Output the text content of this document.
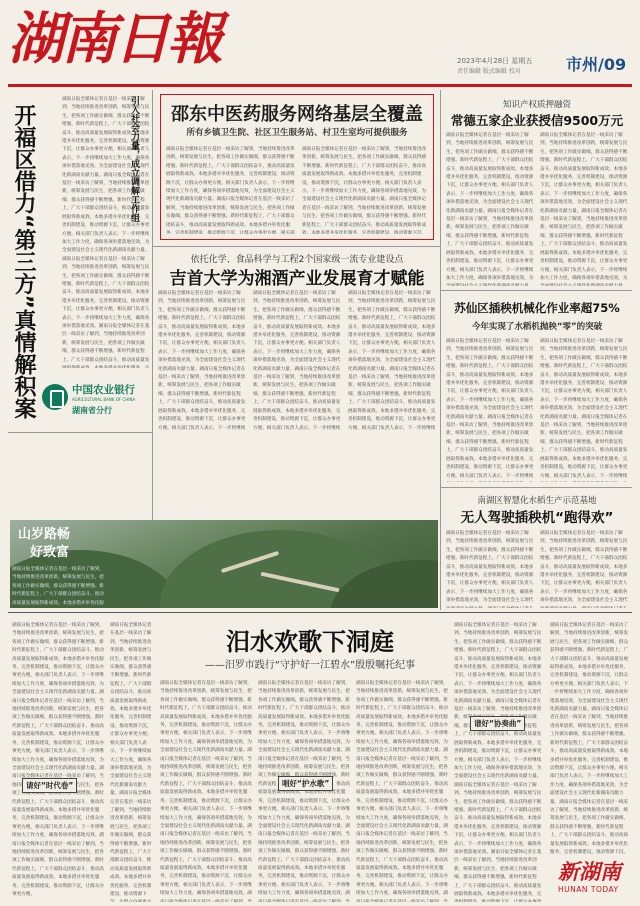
湖南日報	2023年4月28日 星期五
责任编辑 版式编辑 校对	市州/09
引入社会力量，成立调解工作组
开福区借力“第三方”真情解积案
湖南日报全媒体记者在基层一线采访了解到，当地持续推进改革创新，统筹发展与民生，把各项工作做实做细，群众获得感不断增强。新时代新征程上，广大干部群众团结奋斗，推动高质量发展取得新成效。本地多措并举优化服务，完善机制建设，推动资源下沉，让群众办事更方便。相关部门负责人表示，下一步将继续加大工作力度，确保各项举措落地见效，为全面建设社会主义现代化新湖南贡献力量。湖南日报全媒体记者在基层一线采访了解到，当地持续推进改革创新，统筹发展与民生，把各项工作做实做细，群众获得感不断增强。新时代新征程上，广大干部群众团结奋斗，推动高质量发展取得新成效。本地多措并举优化服务，完善机制建设，推动资源下沉，让群众办事更方便。相关部门负责人表示，下一步将继续加大工作力度，确保各项举措落地见效，为全面建设社会主义现代化新湖南贡献力量。湖南日报全媒体记者在基层一线采访了解到，当地持续推进改革创新，统筹发展与民生，把各项工作做实做细，群众获得感不断增强。新时代新征程上，广大干部群众团结奋斗，推动高质量发展取得新成效。本地多措并举优化服务，完善机制建设，推动资源下沉，让群众办事更方便。相关部门负责人表示，下一步将继续加大工作力度，确保各项举措落地见效。湖南日报全媒体记者在基层一线采访了解到，当地持续推进改革创新，统筹发展与民生，把各项工作做实做细，群众获得感不断增强。新时代新征程上，广大干部群众团结奋斗，推动高质量发展取得新成效。本地多措并举优化服务，完善机制建设，推动资源下沉，让群众办事更方便。	中国农业银行
AGRICULTURAL BANK OF CHINA
湖南省分行
邵东中医药服务网络基层全覆盖
所有乡镇卫生院、社区卫生服务站、村卫生室均可提供服务
湖南日报全媒体记者在基层一线采访了解到，当地持续推进改革创新，统筹发展与民生，把各项工作做实做细，群众获得感不断增强。新时代新征程上，广大干部群众团结奋斗，推动高质量发展取得新成效。本地多措并举优化服务，完善机制建设，推动资源下沉，让群众办事更方便。相关部门负责人表示，下一步将继续加大工作力度，确保各项举措落地见效，为全面建设社会主义现代化新湖南贡献力量。湖南日报全媒体记者在基层一线采访了解到，当地持续推进改革创新，统筹发展与民生，把各项工作做实做细，群众获得感不断增强。新时代新征程上，广大干部群众团结奋斗，推动高质量发展取得新成效。本地多措并举优化服务，完善机制建设，推动资源下沉，让群众办事更方便。相关部门负责人表示，下一步将继续加大工作力度，确保各项举措落地见效，为全面建设社会主义现代化新湖南贡献力量。湖南日报全媒体记者在基层一线采访了解到，当地持续推进改革创新，统筹发展与民生，把各项工作做实做细，群众获得感不断增强。新时代新征程上，广大干部群众团结奋斗，推动高质量发展取得新成效。本地多措并举优化服务，完善机制建设，推动资源下沉，让群众办事更方便。相关部门负责人表示，下一步将继续加大工作力度，确保各项举措落地见效。湖南日报全媒体记者在基层一线采访了解到，当地持续推进改革创新，统筹发展与民生，把各项工作做实做细，群众获得感不断增强。新时代新征程上，广大干部群众团结奋斗，推动高质量发展取得新成效。本地多措并举优化服务，完善机制建设，推动资源下沉，让群众办事更方便。
湖南日报全媒体记者在基层一线采访了解到，当地持续推进改革创新，统筹发展与民生，把各项工作做实做细，群众获得感不断增强。新时代新征程上，广大干部群众团结奋斗，推动高质量发展取得新成效。本地多措并举优化服务，完善机制建设，推动资源下沉，让群众办事更方便。相关部门负责人表示，下一步将继续加大工作力度，确保各项举措落地见效，为全面建设社会主义现代化新湖南贡献力量。湖南日报全媒体记者在基层一线采访了解到，当地持续推进改革创新，统筹发展与民生，把各项工作做实做细，群众获得感不断增强。新时代新征程上，广大干部群众团结奋斗，推动高质量发展取得新成效。本地多措并举优化服务，完善机制建设，推动资源下沉，让群众办事更方便。相关部门负责人表示，下一步将继续加大工作力度，确保各项举措落地见效，为全面建设社会主义现代化新湖南贡献力量。湖南日报全媒体记者在基层一线采访了解到，当地持续推进改革创新，统筹发展与民生，把各项工作做实做细，群众获得感不断增强。新时代新征程上，广大干部群众团结奋斗，推动高质量发展取得新成效。本地多措并举优化服务，完善机制建设，推动资源下沉，让群众办事更方便。相关部门负责人表示，下一步将继续加大工作力度，确保各项举措落地见效。湖南日报全媒体记者在基层一线采访了解到，当地持续推进改革创新，统筹发展与民生，把各项工作做实做细，群众获得感不断增强。新时代新征程上，广大干部群众团结奋斗，推动高质量发展取得新成效。本地多措并举优化服务，完善机制建设，推动资源下沉，让群众办事更方便。
依托化学、食品科学与工程2个国家级一流专业建设点
吉首大学为湘酒产业发展育才赋能
湖南日报全媒体记者在基层一线采访了解到，当地持续推进改革创新，统筹发展与民生，把各项工作做实做细，群众获得感不断增强。新时代新征程上，广大干部群众团结奋斗，推动高质量发展取得新成效。本地多措并举优化服务，完善机制建设，推动资源下沉，让群众办事更方便。相关部门负责人表示，下一步将继续加大工作力度，确保各项举措落地见效，为全面建设社会主义现代化新湖南贡献力量。湖南日报全媒体记者在基层一线采访了解到，当地持续推进改革创新，统筹发展与民生，把各项工作做实做细，群众获得感不断增强。新时代新征程上，广大干部群众团结奋斗，推动高质量发展取得新成效。本地多措并举优化服务，完善机制建设，推动资源下沉，让群众办事更方便。相关部门负责人表示，下一步将继续加大工作力度，确保各项举措落地见效，为全面建设社会主义现代化新湖南贡献力量。湖南日报全媒体记者在基层一线采访了解到，当地持续推进改革创新，统筹发展与民生，把各项工作做实做细，群众获得感不断增强。新时代新征程上，广大干部群众团结奋斗，推动高质量发展取得新成效。本地多措并举优化服务，完善机制建设，推动资源下沉，让群众办事更方便。相关部门负责人表示，下一步将继续加大工作力度，确保各项举措落地见效。湖南日报全媒体记者在基层一线采访了解到，当地持续推进改革创新，统筹发展与民生，把各项工作做实做细，群众获得感不断增强。新时代新征程上，广大干部群众团结奋斗，推动高质量发展取得新成效。本地多措并举优化服务，完善机制建设，推动资源下沉，让群众办事更方便。
湖南日报全媒体记者在基层一线采访了解到，当地持续推进改革创新，统筹发展与民生，把各项工作做实做细，群众获得感不断增强。新时代新征程上，广大干部群众团结奋斗，推动高质量发展取得新成效。本地多措并举优化服务，完善机制建设，推动资源下沉，让群众办事更方便。相关部门负责人表示，下一步将继续加大工作力度，确保各项举措落地见效，为全面建设社会主义现代化新湖南贡献力量。湖南日报全媒体记者在基层一线采访了解到，当地持续推进改革创新，统筹发展与民生，把各项工作做实做细，群众获得感不断增强。新时代新征程上，广大干部群众团结奋斗，推动高质量发展取得新成效。本地多措并举优化服务，完善机制建设，推动资源下沉，让群众办事更方便。相关部门负责人表示，下一步将继续加大工作力度，确保各项举措落地见效，为全面建设社会主义现代化新湖南贡献力量。湖南日报全媒体记者在基层一线采访了解到，当地持续推进改革创新，统筹发展与民生，把各项工作做实做细，群众获得感不断增强。新时代新征程上，广大干部群众团结奋斗，推动高质量发展取得新成效。本地多措并举优化服务，完善机制建设，推动资源下沉，让群众办事更方便。相关部门负责人表示，下一步将继续加大工作力度，确保各项举措落地见效。湖南日报全媒体记者在基层一线采访了解到，当地持续推进改革创新，统筹发展与民生，把各项工作做实做细，群众获得感不断增强。新时代新征程上，广大干部群众团结奋斗，推动高质量发展取得新成效。本地多措并举优化服务，完善机制建设，推动资源下沉，让群众办事更方便。
湖南日报全媒体记者在基层一线采访了解到，当地持续推进改革创新，统筹发展与民生，把各项工作做实做细，群众获得感不断增强。新时代新征程上，广大干部群众团结奋斗，推动高质量发展取得新成效。本地多措并举优化服务，完善机制建设，推动资源下沉，让群众办事更方便。相关部门负责人表示，下一步将继续加大工作力度，确保各项举措落地见效，为全面建设社会主义现代化新湖南贡献力量。湖南日报全媒体记者在基层一线采访了解到，当地持续推进改革创新，统筹发展与民生，把各项工作做实做细，群众获得感不断增强。新时代新征程上，广大干部群众团结奋斗，推动高质量发展取得新成效。本地多措并举优化服务，完善机制建设，推动资源下沉，让群众办事更方便。相关部门负责人表示，下一步将继续加大工作力度，确保各项举措落地见效，为全面建设社会主义现代化新湖南贡献力量。湖南日报全媒体记者在基层一线采访了解到，当地持续推进改革创新，统筹发展与民生，把各项工作做实做细，群众获得感不断增强。新时代新征程上，广大干部群众团结奋斗，推动高质量发展取得新成效。本地多措并举优化服务，完善机制建设，推动资源下沉，让群众办事更方便。相关部门负责人表示，下一步将继续加大工作力度，确保各项举措落地见效。湖南日报全媒体记者在基层一线采访了解到，当地持续推进改革创新，统筹发展与民生，把各项工作做实做细，群众获得感不断增强。新时代新征程上，广大干部群众团结奋斗，推动高质量发展取得新成效。本地多措并举优化服务，完善机制建设，推动资源下沉，让群众办事更方便。
知识产权质押融资
常德五家企业获授信9500万元
湖南日报全媒体记者在基层一线采访了解到，当地持续推进改革创新，统筹发展与民生，把各项工作做实做细，群众获得感不断增强。新时代新征程上，广大干部群众团结奋斗，推动高质量发展取得新成效。本地多措并举优化服务，完善机制建设，推动资源下沉，让群众办事更方便。相关部门负责人表示，下一步将继续加大工作力度，确保各项举措落地见效，为全面建设社会主义现代化新湖南贡献力量。湖南日报全媒体记者在基层一线采访了解到，当地持续推进改革创新，统筹发展与民生，把各项工作做实做细，群众获得感不断增强。新时代新征程上，广大干部群众团结奋斗，推动高质量发展取得新成效。本地多措并举优化服务，完善机制建设，推动资源下沉，让群众办事更方便。相关部门负责人表示，下一步将继续加大工作力度，确保各项举措落地见效，为全面建设社会主义现代化新湖南贡献力量。湖南日报全媒体记者在基层一线采访了解到，当地持续推进改革创新，统筹发展与民生，把各项工作做实做细，群众获得感不断增强。新时代新征程上，广大干部群众团结奋斗，推动高质量发展取得新成效。本地多措并举优化服务，完善机制建设，推动资源下沉，让群众办事更方便。相关部门负责人表示，下一步将继续加大工作力度，确保各项举措落地见效。湖南日报全媒体记者在基层一线采访了解到，当地持续推进改革创新，统筹发展与民生，把各项工作做实做细，群众获得感不断增强。新时代新征程上，广大干部群众团结奋斗，推动高质量发展取得新成效。本地多措并举优化服务，完善机制建设，推动资源下沉，让群众办事更方便。
湖南日报全媒体记者在基层一线采访了解到，当地持续推进改革创新，统筹发展与民生，把各项工作做实做细，群众获得感不断增强。新时代新征程上，广大干部群众团结奋斗，推动高质量发展取得新成效。本地多措并举优化服务，完善机制建设，推动资源下沉，让群众办事更方便。相关部门负责人表示，下一步将继续加大工作力度，确保各项举措落地见效，为全面建设社会主义现代化新湖南贡献力量。湖南日报全媒体记者在基层一线采访了解到，当地持续推进改革创新，统筹发展与民生，把各项工作做实做细，群众获得感不断增强。新时代新征程上，广大干部群众团结奋斗，推动高质量发展取得新成效。本地多措并举优化服务，完善机制建设，推动资源下沉，让群众办事更方便。相关部门负责人表示，下一步将继续加大工作力度，确保各项举措落地见效，为全面建设社会主义现代化新湖南贡献力量。湖南日报全媒体记者在基层一线采访了解到，当地持续推进改革创新，统筹发展与民生，把各项工作做实做细，群众获得感不断增强。新时代新征程上，广大干部群众团结奋斗，推动高质量发展取得新成效。本地多措并举优化服务，完善机制建设，推动资源下沉，让群众办事更方便。相关部门负责人表示，下一步将继续加大工作力度，确保各项举措落地见效。湖南日报全媒体记者在基层一线采访了解到，当地持续推进改革创新，统筹发展与民生，把各项工作做实做细，群众获得感不断增强。新时代新征程上，广大干部群众团结奋斗，推动高质量发展取得新成效。本地多措并举优化服务，完善机制建设，推动资源下沉，让群众办事更方便。
苏仙区插秧机械化作业率超75%
今年实现了水稻机抛秧“零”的突破
湖南日报全媒体记者在基层一线采访了解到，当地持续推进改革创新，统筹发展与民生，把各项工作做实做细，群众获得感不断增强。新时代新征程上，广大干部群众团结奋斗，推动高质量发展取得新成效。本地多措并举优化服务，完善机制建设，推动资源下沉，让群众办事更方便。相关部门负责人表示，下一步将继续加大工作力度，确保各项举措落地见效，为全面建设社会主义现代化新湖南贡献力量。湖南日报全媒体记者在基层一线采访了解到，当地持续推进改革创新，统筹发展与民生，把各项工作做实做细，群众获得感不断增强。新时代新征程上，广大干部群众团结奋斗，推动高质量发展取得新成效。本地多措并举优化服务，完善机制建设，推动资源下沉，让群众办事更方便。相关部门负责人表示，下一步将继续加大工作力度，确保各项举措落地见效，为全面建设社会主义现代化新湖南贡献力量。湖南日报全媒体记者在基层一线采访了解到，当地持续推进改革创新，统筹发展与民生，把各项工作做实做细，群众获得感不断增强。新时代新征程上，广大干部群众团结奋斗，推动高质量发展取得新成效。本地多措并举优化服务，完善机制建设，推动资源下沉，让群众办事更方便。相关部门负责人表示，下一步将继续加大工作力度，确保各项举措落地见效。湖南日报全媒体记者在基层一线采访了解到，当地持续推进改革创新，统筹发展与民生，把各项工作做实做细，群众获得感不断增强。新时代新征程上，广大干部群众团结奋斗，推动高质量发展取得新成效。本地多措并举优化服务，完善机制建设，推动资源下沉，让群众办事更方便。
湖南日报全媒体记者在基层一线采访了解到，当地持续推进改革创新，统筹发展与民生，把各项工作做实做细，群众获得感不断增强。新时代新征程上，广大干部群众团结奋斗，推动高质量发展取得新成效。本地多措并举优化服务，完善机制建设，推动资源下沉，让群众办事更方便。相关部门负责人表示，下一步将继续加大工作力度，确保各项举措落地见效，为全面建设社会主义现代化新湖南贡献力量。湖南日报全媒体记者在基层一线采访了解到，当地持续推进改革创新，统筹发展与民生，把各项工作做实做细，群众获得感不断增强。新时代新征程上，广大干部群众团结奋斗，推动高质量发展取得新成效。本地多措并举优化服务，完善机制建设，推动资源下沉，让群众办事更方便。相关部门负责人表示，下一步将继续加大工作力度，确保各项举措落地见效，为全面建设社会主义现代化新湖南贡献力量。湖南日报全媒体记者在基层一线采访了解到，当地持续推进改革创新，统筹发展与民生，把各项工作做实做细，群众获得感不断增强。新时代新征程上，广大干部群众团结奋斗，推动高质量发展取得新成效。本地多措并举优化服务，完善机制建设，推动资源下沉，让群众办事更方便。相关部门负责人表示，下一步将继续加大工作力度，确保各项举措落地见效。湖南日报全媒体记者在基层一线采访了解到，当地持续推进改革创新，统筹发展与民生，把各项工作做实做细，群众获得感不断增强。新时代新征程上，广大干部群众团结奋斗，推动高质量发展取得新成效。本地多措并举优化服务，完善机制建设，推动资源下沉，让群众办事更方便。
南湖区智慧化水稻生产示范基地
无人驾驶插秧机“跑得欢”
湖南日报全媒体记者在基层一线采访了解到，当地持续推进改革创新，统筹发展与民生，把各项工作做实做细，群众获得感不断增强。新时代新征程上，广大干部群众团结奋斗，推动高质量发展取得新成效。本地多措并举优化服务，完善机制建设，推动资源下沉，让群众办事更方便。相关部门负责人表示，下一步将继续加大工作力度，确保各项举措落地见效，为全面建设社会主义现代化新湖南贡献力量。湖南日报全媒体记者在基层一线采访了解到，当地持续推进改革创新，统筹发展与民生，把各项工作做实做细，群众获得感不断增强。新时代新征程上，广大干部群众团结奋斗，推动高质量发展取得新成效。本地多措并举优化服务，完善机制建设，推动资源下沉，让群众办事更方便。相关部门负责人表示，下一步将继续加大工作力度，确保各项举措落地见效，为全面建设社会主义现代化新湖南贡献力量。湖南日报全媒体记者在基层一线采访了解到，当地持续推进改革创新，统筹发展与民生，把各项工作做实做细，群众获得感不断增强。新时代新征程上，广大干部群众团结奋斗，推动高质量发展取得新成效。本地多措并举优化服务，完善机制建设，推动资源下沉，让群众办事更方便。相关部门负责人表示，下一步将继续加大工作力度，确保各项举措落地见效。湖南日报全媒体记者在基层一线采访了解到，当地持续推进改革创新，统筹发展与民生，把各项工作做实做细，群众获得感不断增强。新时代新征程上，广大干部群众团结奋斗，推动高质量发展取得新成效。本地多措并举优化服务，完善机制建设，推动资源下沉，让群众办事更方便。
湖南日报全媒体记者在基层一线采访了解到，当地持续推进改革创新，统筹发展与民生，把各项工作做实做细，群众获得感不断增强。新时代新征程上，广大干部群众团结奋斗，推动高质量发展取得新成效。本地多措并举优化服务，完善机制建设，推动资源下沉，让群众办事更方便。相关部门负责人表示，下一步将继续加大工作力度，确保各项举措落地见效，为全面建设社会主义现代化新湖南贡献力量。湖南日报全媒体记者在基层一线采访了解到，当地持续推进改革创新，统筹发展与民生，把各项工作做实做细，群众获得感不断增强。新时代新征程上，广大干部群众团结奋斗，推动高质量发展取得新成效。本地多措并举优化服务，完善机制建设，推动资源下沉，让群众办事更方便。相关部门负责人表示，下一步将继续加大工作力度，确保各项举措落地见效，为全面建设社会主义现代化新湖南贡献力量。湖南日报全媒体记者在基层一线采访了解到，当地持续推进改革创新，统筹发展与民生，把各项工作做实做细，群众获得感不断增强。新时代新征程上，广大干部群众团结奋斗，推动高质量发展取得新成效。本地多措并举优化服务，完善机制建设，推动资源下沉，让群众办事更方便。相关部门负责人表示，下一步将继续加大工作力度，确保各项举措落地见效。湖南日报全媒体记者在基层一线采访了解到，当地持续推进改革创新，统筹发展与民生，把各项工作做实做细，群众获得感不断增强。新时代新征程上，广大干部群众团结奋斗，推动高质量发展取得新成效。本地多措并举优化服务，完善机制建设，推动资源下沉，让群众办事更方便。
山岁路畅
好致富
湖南日报全媒体记者在基层一线采访了解到，当地持续推进改革创新，统筹发展与民生，把各项工作做实做细，群众获得感不断增强。新时代新征程上，广大干部群众团结奋斗，推动高质量发展取得新成效。本地多措并举优化服务，完善机制建设，推动资源下沉，让群众办事更方便。相关部门负责人表示，下一步将继续加大工作力度，确保各项举措落地见效，为全面建设社会主义现代化新湖南贡献力量。湖南日报全媒体记者在基层一线采访了解到，当地持续推进改革创新，统筹发展与民生，把各项工作做实做细，群众获得感不断增强。新时代新征程上，广大干部群众团结奋斗，推动高质量发展取得新成效。本地多措并举优化服务，完善机制建设，推动资源下沉，让群众办事更方便。相关部门负责人表示，下一步将继续加大工作力度，确保各项举措落地见效，为全面建设社会主义现代化新湖南贡献力量。湖南日报全媒体记者在基层一线采访了解到，当地持续推进改革创新，统筹发展与民生，把各项工作做实做细，群众获得感不断增强。新时代新征程上，广大干部群众团结奋斗，推动高质量发展取得新成效。本地多措并举优化服务，完善机制建设，推动资源下沉，让群众办事更方便。相关部门负责人表示，下一步将继续加大工作力度，确保各项举措落地见效。湖南日报全媒体记者在基层一线采访了解到，当地持续推进改革创新，统筹发展与民生，把各项工作做实做细，群众获得感不断增强。新时代新征程上，广大干部群众团结奋斗，推动高质量发展取得新成效。本地多措并举优化服务，完善机制建设，推动资源下沉，让群众办事更方便。
汨水欢歌下洞庭
——汨罗市践行“守护好一江碧水”殷殷嘱托纪事
湖南日报全媒体记者在基层一线采访了解到，当地持续推进改革创新，统筹发展与民生，把各项工作做实做细，群众获得感不断增强。新时代新征程上，广大干部群众团结奋斗，推动高质量发展取得新成效。本地多措并举优化服务，完善机制建设，推动资源下沉，让群众办事更方便。相关部门负责人表示，下一步将继续加大工作力度，确保各项举措落地见效，为全面建设社会主义现代化新湖南贡献力量。湖南日报全媒体记者在基层一线采访了解到，当地持续推进改革创新，统筹发展与民生，把各项工作做实做细，群众获得感不断增强。新时代新征程上，广大干部群众团结奋斗，推动高质量发展取得新成效。本地多措并举优化服务，完善机制建设，推动资源下沉，让群众办事更方便。相关部门负责人表示，下一步将继续加大工作力度，确保各项举措落地见效，为全面建设社会主义现代化新湖南贡献力量。湖南日报全媒体记者在基层一线采访了解到，当地持续推进改革创新，统筹发展与民生，把各项工作做实做细，群众获得感不断增强。新时代新征程上，广大干部群众团结奋斗，推动高质量发展取得新成效。本地多措并举优化服务，完善机制建设，推动资源下沉，让群众办事更方便。相关部门负责人表示，下一步将继续加大工作力度，确保各项举措落地见效。湖南日报全媒体记者在基层一线采访了解到，当地持续推进改革创新，统筹发展与民生，把各项工作做实做细，群众获得感不断增强。新时代新征程上，广大干部群众团结奋斗，推动高质量发展取得新成效。本地多措并举优化服务，完善机制建设，推动资源下沉，让群众办事更方便。
请好“时代卷” 湖南日报全媒体记者在基层一线采访了解到，当地持续推进改革创新，统筹发展与民生，把各项工作做实做细，群众获得感不断增强。新时代新征程上，广大干部群众团结奋斗，推动高质量发展取得新成效。本地多措并举优化服务，完善机制建设，推动资源下沉，让群众办事更方便。相关部门负责人表示，下一步将继续加大工作力度，确保各项举措落地见效，为全面建设社会主义现代化新湖南贡献力量。湖南日报全媒体记者在基层一线采访了解到，当地持续推进改革创新，统筹发展与民生，把各项工作做实做细，群众获得感不断增强。新时代新征程上，广大干部群众团结奋斗，推动高质量发展取得新成效。本地多措并举优化服务，完善机制建设，推动资源下沉，让群众办事更方便。相关部门负责人表示，下一步将继续加大工作力度，确保各项举措落地见效，为全面建设社会主义现代化新湖南贡献力量。湖南日报全媒体记者在基层一线采访了解到，当地持续推进改革创新，统筹发展与民生，把各项工作做实做细，群众获得感不断增强。新时代新征程上，广大干部群众团结奋斗，推动高质量发展取得新成效。本地多措并举优化服务，完善机制建设，推动资源下沉，让群众办事更方便。相关部门负责人表示，下一步将继续加大工作力度，确保各项举措落地见效。湖南日报全媒体记者在基层一线采访了解到，当地持续推进改革创新，统筹发展与民生，把各项工作做实做细，群众获得感不断增强。新时代新征程上，广大干部群众团结奋斗，推动高质量发展取得新成效。本地多措并举优化服务，完善机制建设，推动资源下沉，让群众办事更方便。 湖南日报全媒体记者在基层一线采访了解到，当地持续推进改革创新，统筹发展与民生，把各项工作做实做细，群众获得感不断增强。新时代新征程上，广大干部群众团结奋斗，推动高质量发展取得新成效。本地多措并举优化服务，完善机制建设，推动资源下沉，让群众办事更方便。相关部门负责人表示，下一步将继续加大工作力度，确保各项举措落地见效，为全面建设社会主义现代化新湖南贡献力量。湖南日报全媒体记者在基层一线采访了解到，当地持续推进改革创新，统筹发展与民生，把各项工作做实做细，群众获得感不断增强。新时代新征程上，广大干部群众团结奋斗，推动高质量发展取得新成效。本地多措并举优化服务，完善机制建设，推动资源下沉，让群众办事更方便。相关部门负责人表示，下一步将继续加大工作力度，确保各项举措落地见效，为全面建设社会主义现代化新湖南贡献力量。湖南日报全媒体记者在基层一线采访了解到，当地持续推进改革创新，统筹发展与民生，把各项工作做实做细，群众获得感不断增强。新时代新征程上，广大干部群众团结奋斗，推动高质量发展取得新成效。本地多措并举优化服务，完善机制建设，推动资源下沉，让群众办事更方便。相关部门负责人表示，下一步将继续加大工作力度，确保各项举措落地见效。湖南日报全媒体记者在基层一线采访了解到，当地持续推进改革创新，统筹发展与民生，把各项工作做实做细，群众获得感不断增强。新时代新征程上，广大干部群众团结奋斗，推动高质量发展取得新成效。本地多措并举优化服务，完善机制建设，推动资源下沉，让群众办事更方便。 湖南日报全媒体记者在基层一线采访了解到，当地持续推进改革创新，统筹发展与民生，把各项工作做实做细，群众获得感不断增强。新时代新征程上，广大干部群众团结奋斗，推动高质量发展取得新成效。本地多措并举优化服务，完善机制建设，推动资源下沉，让群众办事更方便。相关部门负责人表示，下一步将继续加大工作力度，确保各项举措落地见效，为全面建设社会主义现代化新湖南贡献力量。湖南日报全媒体记者在基层一线采访了解到，当地持续推进改革创新，统筹发展与民生，把各项工作做实做细，群众获得感不断增强。新时代新征程上，广大干部群众团结奋斗，推动高质量发展取得新成效。本地多措并举优化服务，完善机制建设，推动资源下沉，让群众办事更方便。相关部门负责人表示，下一步将继续加大工作力度，确保各项举措落地见效，为全面建设社会主义现代化新湖南贡献力量。湖南日报全媒体记者在基层一线采访了解到，当地持续推进改革创新，统筹发展与民生，把各项工作做实做细，群众获得感不断增强。新时代新征程上，广大干部群众团结奋斗，推动高质量发展取得新成效。本地多措并举优化服务，完善机制建设，推动资源下沉，让群众办事更方便。相关部门负责人表示，下一步将继续加大工作力度，确保各项举措落地见效。湖南日报全媒体记者在基层一线采访了解到，当地持续推进改革创新，统筹发展与民生，把各项工作做实做细，群众获得感不断增强。新时代新征程上，广大干部群众团结奋斗，推动高质量发展取得新成效。本地多措并举优化服务，完善机制建设，推动资源下沉，让群众办事更方便。	唱好“护水歌”
湖南日报全媒体记者在基层一线采访了解到，当地持续推进改革创新，统筹发展与民生，把各项工作做实做细，群众获得感不断增强。新时代新征程上，广大干部群众团结奋斗，推动高质量发展取得新成效。本地多措并举优化服务，完善机制建设，推动资源下沉，让群众办事更方便。相关部门负责人表示，下一步将继续加大工作力度，确保各项举措落地见效，为全面建设社会主义现代化新湖南贡献力量。湖南日报全媒体记者在基层一线采访了解到，当地持续推进改革创新，统筹发展与民生，把各项工作做实做细，群众获得感不断增强。新时代新征程上，广大干部群众团结奋斗，推动高质量发展取得新成效。本地多措并举优化服务，完善机制建设，推动资源下沉，让群众办事更方便。相关部门负责人表示，下一步将继续加大工作力度，确保各项举措落地见效，为全面建设社会主义现代化新湖南贡献力量。湖南日报全媒体记者在基层一线采访了解到，当地持续推进改革创新，统筹发展与民生，把各项工作做实做细，群众获得感不断增强。新时代新征程上，广大干部群众团结奋斗，推动高质量发展取得新成效。本地多措并举优化服务，完善机制建设，推动资源下沉，让群众办事更方便。相关部门负责人表示，下一步将继续加大工作力度，确保各项举措落地见效。湖南日报全媒体记者在基层一线采访了解到，当地持续推进改革创新，统筹发展与民生，把各项工作做实做细，群众获得感不断增强。新时代新征程上，广大干部群众团结奋斗，推动高质量发展取得新成效。本地多措并举优化服务，完善机制建设，推动资源下沉，让群众办事更方便。
湖南日报全媒体记者在基层一线采访了解到，当地持续推进改革创新，统筹发展与民生，把各项工作做实做细，群众获得感不断增强。新时代新征程上，广大干部群众团结奋斗，推动高质量发展取得新成效。本地多措并举优化服务，完善机制建设，推动资源下沉，让群众办事更方便。相关部门负责人表示，下一步将继续加大工作力度，确保各项举措落地见效，为全面建设社会主义现代化新湖南贡献力量。湖南日报全媒体记者在基层一线采访了解到，当地持续推进改革创新，统筹发展与民生，把各项工作做实做细，群众获得感不断增强。新时代新征程上，广大干部群众团结奋斗，推动高质量发展取得新成效。本地多措并举优化服务，完善机制建设，推动资源下沉，让群众办事更方便。相关部门负责人表示，下一步将继续加大工作力度，确保各项举措落地见效，为全面建设社会主义现代化新湖南贡献力量。湖南日报全媒体记者在基层一线采访了解到，当地持续推进改革创新，统筹发展与民生，把各项工作做实做细，群众获得感不断增强。新时代新征程上，广大干部群众团结奋斗，推动高质量发展取得新成效。本地多措并举优化服务，完善机制建设，推动资源下沉，让群众办事更方便。相关部门负责人表示，下一步将继续加大工作力度，确保各项举措落地见效。湖南日报全媒体记者在基层一线采访了解到，当地持续推进改革创新，统筹发展与民生，把各项工作做实做细，群众获得感不断增强。新时代新征程上，广大干部群众团结奋斗，推动高质量发展取得新成效。本地多措并举优化服务，完善机制建设，推动资源下沉，让群众办事更方便。
谱好“协奏曲”
湖南日报全媒体记者在基层一线采访了解到，当地持续推进改革创新，统筹发展与民生，把各项工作做实做细，群众获得感不断增强。新时代新征程上，广大干部群众团结奋斗，推动高质量发展取得新成效。本地多措并举优化服务，完善机制建设，推动资源下沉，让群众办事更方便。相关部门负责人表示，下一步将继续加大工作力度，确保各项举措落地见效，为全面建设社会主义现代化新湖南贡献力量。湖南日报全媒体记者在基层一线采访了解到，当地持续推进改革创新，统筹发展与民生，把各项工作做实做细，群众获得感不断增强。新时代新征程上，广大干部群众团结奋斗，推动高质量发展取得新成效。本地多措并举优化服务，完善机制建设，推动资源下沉，让群众办事更方便。相关部门负责人表示，下一步将继续加大工作力度，确保各项举措落地见效，为全面建设社会主义现代化新湖南贡献力量。湖南日报全媒体记者在基层一线采访了解到，当地持续推进改革创新，统筹发展与民生，把各项工作做实做细，群众获得感不断增强。新时代新征程上，广大干部群众团结奋斗，推动高质量发展取得新成效。本地多措并举优化服务，完善机制建设，推动资源下沉，让群众办事更方便。相关部门负责人表示，下一步将继续加大工作力度，确保各项举措落地见效。湖南日报全媒体记者在基层一线采访了解到，当地持续推进改革创新，统筹发展与民生，把各项工作做实做细，群众获得感不断增强。新时代新征程上，广大干部群众团结奋斗，推动高质量发展取得新成效。本地多措并举优化服务，完善机制建设，推动资源下沉，让群众办事更方便。
新湖南
HUNAN TODAY
